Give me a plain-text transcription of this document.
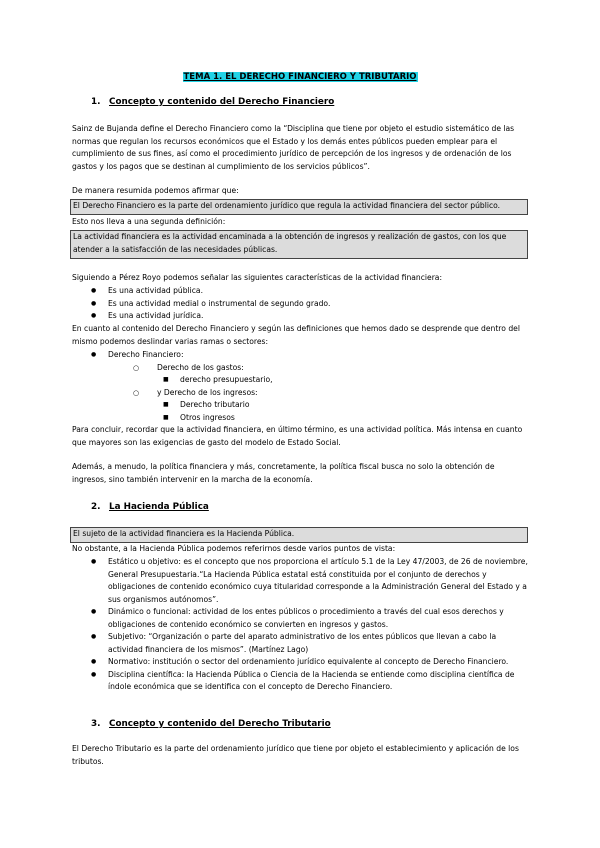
TEMA 1. EL DERECHO FINANCIERO Y TRIBUTARIO
1. Concepto y contenido del Derecho Financiero
Sainz de Bujanda define el Derecho Financiero como la “Disciplina que tiene por objeto el estudio sistemático de las normas que regulan los recursos económicos que el Estado y los demás entes públicos pueden emplear para el cumplimiento de sus fines, así como el procedimiento jurídico de percepción de los ingresos y de ordenación de los gastos y los pagos que se destinan al cumplimiento de los servicios públicos”.
De manera resumida podemos afirmar que:
El Derecho Financiero es la parte del ordenamiento jurídico que regula la actividad financiera del sector público.
Esto nos lleva a una segunda definición:
La actividad financiera es la actividad encaminada a la obtención de ingresos y realización de gastos, con los que atender a la satisfacción de las necesidades públicas.
Siguiendo a Pérez Royo podemos señalar las siguientes características de la actividad financiera:
● Es una actividad pública.
● Es una actividad medial o instrumental de segundo grado.
● Es una actividad jurídica.
En cuanto al contenido del Derecho Financiero y según las definiciones que hemos dado se desprende que dentro del mismo podemos deslindar varias ramas o sectores:
● Derecho Financiero:
○ Derecho de los gastos:
■ derecho presupuestario,
○ y Derecho de los ingresos:
■ Derecho tributario
■ Otros ingresos
Para concluir, recordar que la actividad financiera, en último término, es una actividad política. Más intensa en cuanto que mayores son las exigencias de gasto del modelo de Estado Social.
Además, a menudo, la política financiera y más, concretamente, la política fiscal busca no solo la obtención de ingresos, sino también intervenir en la marcha de la economía.
2. La Hacienda Pública
El sujeto de la actividad financiera es la Hacienda Pública.
No obstante, a la Hacienda Pública podemos referirnos desde varios puntos de vista:
● Estático u objetivo: es el concepto que nos proporciona el artículo 5.1 de la Ley 47/2003, de 26 de noviembre, General Presupuestaria.“La Hacienda Pública estatal está constituida por el conjunto de derechos y obligaciones de contenido económico cuya titularidad corresponde a la Administración General del Estado y a sus organismos autónomos”.
● Dinámico o funcional: actividad de los entes públicos o procedimiento a través del cual esos derechos y obligaciones de contenido económico se convierten en ingresos y gastos.
● Subjetivo: “Organización o parte del aparato administrativo de los entes públicos que llevan a cabo la actividad financiera de los mismos”. (Martínez Lago)
● Normativo: institución o sector del ordenamiento jurídico equivalente al concepto de Derecho Financiero.
● Disciplina científica: la Hacienda Pública o Ciencia de la Hacienda se entiende como disciplina científica de índole económica que se identifica con el concepto de Derecho Financiero.
3. Concepto y contenido del Derecho Tributario
El Derecho Tributario es la parte del ordenamiento jurídico que tiene por objeto el establecimiento y aplicación de los tributos.
